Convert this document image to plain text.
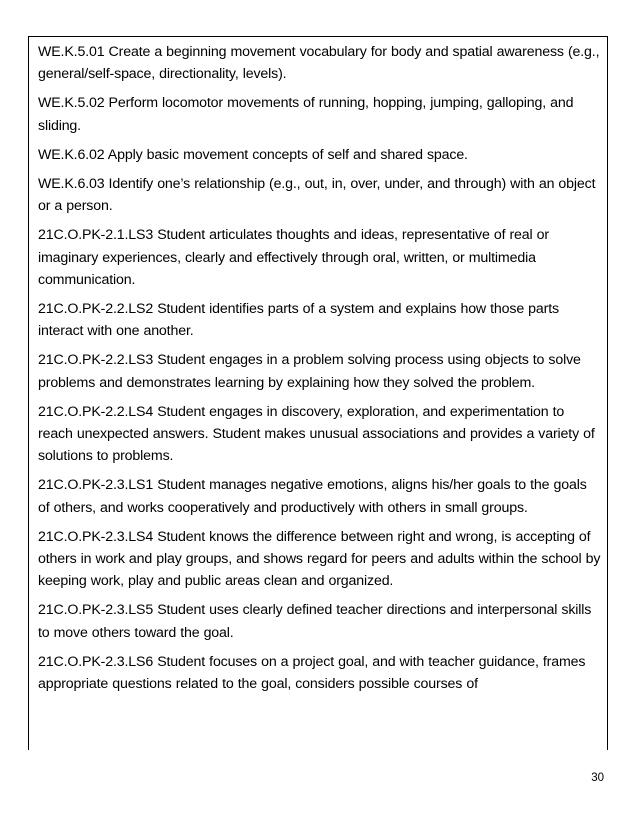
WE.K.5.01 Create a beginning movement vocabulary for body and spatial awareness (e.g., general/self-space, directionality, levels).

WE.K.5.02 Perform locomotor movements of running, hopping, jumping, galloping, and sliding.

WE.K.6.02 Apply basic movement concepts of self and shared space.

WE.K.6.03 Identify one’s relationship (e.g., out, in, over, under, and through) with an object or a person.

21C.O.PK-2.1.LS3 Student articulates thoughts and ideas, representative of real or imaginary experiences, clearly and effectively through oral, written, or multimedia communication.

21C.O.PK-2.2.LS2 Student identifies parts of a system and explains how those parts interact with one another.

21C.O.PK-2.2.LS3 Student engages in a problem solving process using objects to solve problems and demonstrates learning by explaining how they solved the problem.

21C.O.PK-2.2.LS4 Student engages in discovery, exploration, and experimentation to reach unexpected answers. Student makes unusual associations and provides a variety of solutions to problems.

21C.O.PK-2.3.LS1 Student manages negative emotions, aligns his/her goals to the goals of others, and works cooperatively and productively with others in small groups.

21C.O.PK-2.3.LS4 Student knows the difference between right and wrong, is accepting of others in work and play groups, and shows regard for peers and adults within the school by keeping work, play and public areas clean and organized.

21C.O.PK-2.3.LS5 Student uses clearly defined teacher directions and interpersonal skills to move others toward the goal.

21C.O.PK-2.3.LS6 Student focuses on a project goal, and with teacher guidance, frames appropriate questions related to the goal, considers possible courses of

30
